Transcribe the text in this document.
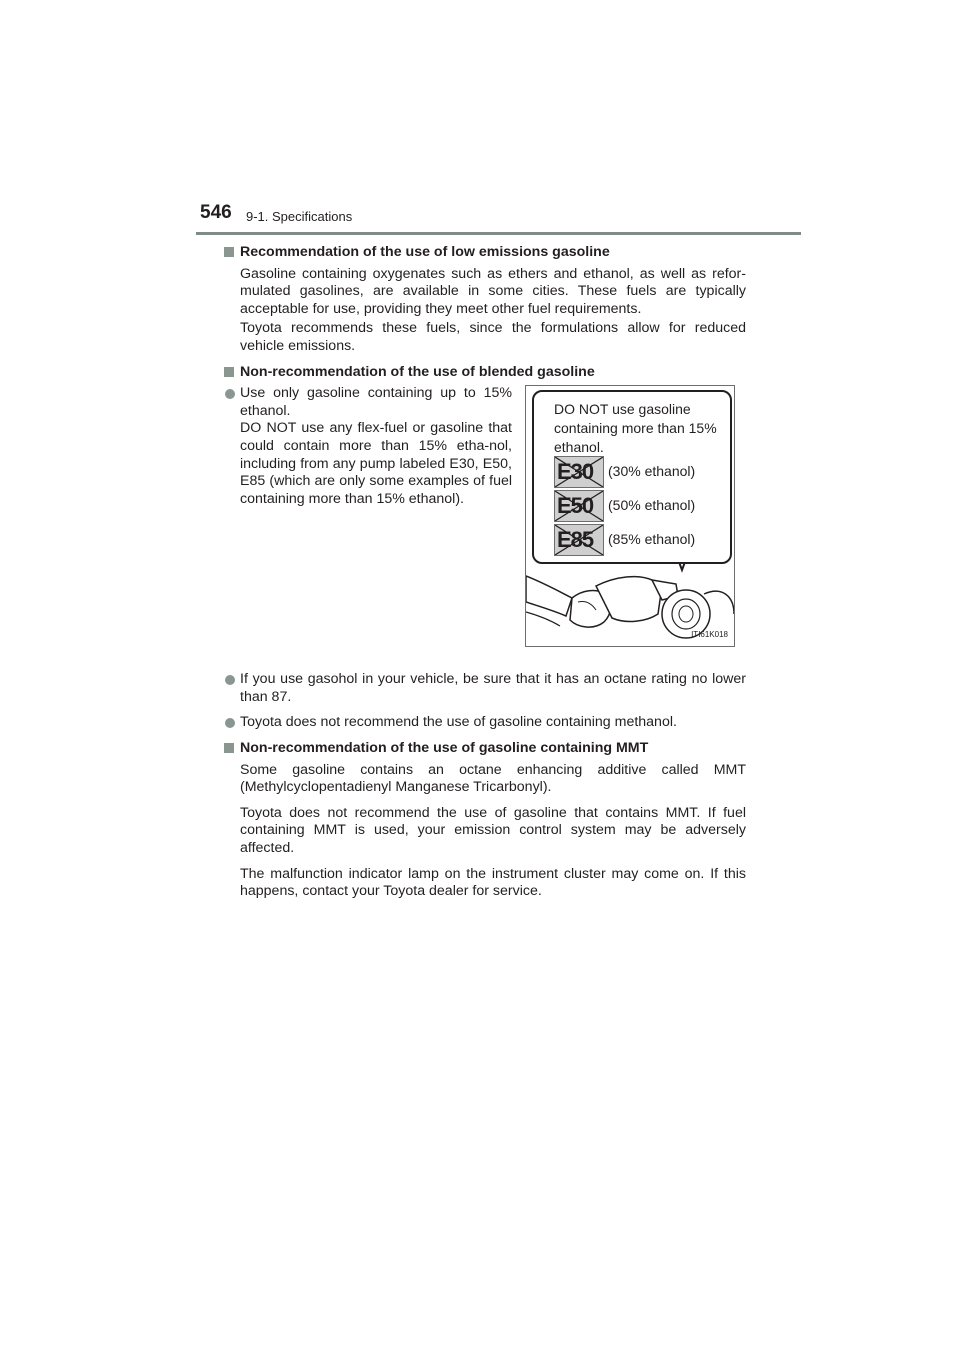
546 9-1. Specifications
Recommendation of the use of low emissions gasoline

Gasoline containing oxygenates such as ethers and ethanol, as well as refor-mulated gasolines, are available in some cities. These fuels are typically acceptable for use, providing they meet other fuel requirements.

Toyota recommends these fuels, since the formulations allow for reduced vehicle emissions.

Non-recommendation of the use of blended gasoline
Use only gasoline containing up to 15% ethanol.
DO NOT use any flex-fuel or gasoline that could contain more than 15% etha-nol, including from any pump labeled E30, E50, E85 (which are only some examples of fuel containing more than 15% ethanol).
DO NOT use gasoline containing more than 15% ethanol.
E30 (30% ethanol)
E50 (50% ethanol)
E85 (85% ethanol)
ITI61K018
If you use gasohol in your vehicle, be sure that it has an octane rating no lower than 87.
Toyota does not recommend the use of gasoline containing methanol.
Non-recommendation of the use of gasoline containing MMT

Some gasoline contains an octane enhancing additive called MMT (Methylcyclopentadienyl Manganese Tricarbonyl).

Toyota does not recommend the use of gasoline that contains MMT. If fuel containing MMT is used, your emission control system may be adversely affected.

The malfunction indicator lamp on the instrument cluster may come on. If this happens, contact your Toyota dealer for service.
